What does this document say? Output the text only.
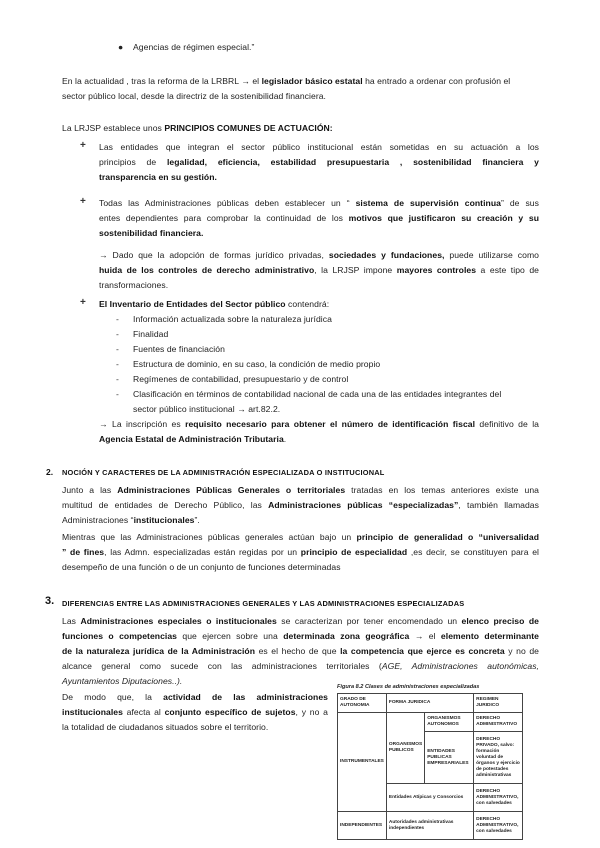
● Agencias de régimen especial.”
En la actualidad , tras la reforma de la LRBRL → el legislador básico estatal ha entrado a ordenar con profusión el
sector público local, desde la directriz de la sostenibilidad financiera.
La LRJSP establece unos PRINCIPIOS COMUNES DE ACTUACIÓN:
+ Las entidades que integran el sector público institucional están sometidas en su actuación a los
principios de legalidad, eficiencia, estabilidad presupuestaria , sostenibilidad financiera y
transparencia en su gestión.
+ Todas las Administraciones públicas deben establecer un “ sistema de supervisión continua” de sus
entes dependientes para comprobar la continuidad de los motivos que justificaron su creación y su
sostenibilidad financiera.
→ Dado que la adopción de formas jurídico privadas, sociedades y fundaciones, puede utilizarse como
huida de los controles de derecho administrativo, la LRJSP impone mayores controles a este tipo de
transformaciones.
+ El Inventario de Entidades del Sector público contendrá:
- Información actualizada sobre la naturaleza jurídica
- Finalidad
- Fuentes de financiación
- Estructura de dominio, en su caso, la condición de medio propio
- Regímenes de contabilidad, presupuestario y de control
- Clasificación en términos de contabilidad nacional de cada una de las entidades integrantes del
sector público institucional → art.82.2.
→ La inscripción es requisito necesario para obtener el número de identificación fiscal definitivo de la
Agencia Estatal de Administración Tributaria.
2. NOCIÓN Y CARACTERES DE LA ADMINISTRACIÓN ESPECIALIZADA O INSTITUCIONAL
Junto a las Administraciones Públicas Generales o territoriales tratadas en los temas anteriores existe una
multitud de entidades de Derecho Público, las Administraciones públicas “especializadas”, también llamadas
Administraciones “institucionales”.
Mientras que las Administraciones públicas generales actúan bajo un principio de generalidad o “universalidad
” de fines, las Admn. especializadas están regidas por un principio de especialidad ,es decir, se constituyen para el
desempeño de una función o de un conjunto de funciones determinadas
3. DIFERENCIAS ENTRE LAS ADMINISTRACIONES GENERALES Y LAS ADMINISTRACIONES ESPECIALIZADAS
Las Administraciones especiales o institucionales se caracterizan por tener encomendado un elenco preciso de
funciones o competencias que ejercen sobre una determinada zona geográfica → el elemento determinante
de la naturaleza jurídica de la Administración es el hecho de que la competencia que ejerce es concreta y no de
alcance general como sucede con las administraciones territoriales (AGE, Administraciones autonómicas,
Ayuntamientos Diputaciones..).
De modo que, la actividad de las administraciones
institucionales afecta al conjunto específico de sujetos, y no a
la totalidad de ciudadanos situados sobre el territorio.
Figura 8.2 Clases de administraciones especializadas
GRADO DE AUTONOMIA	FORMA JURIDICA		REGIMEN JURIDICO
INSTRUMENTALES	ORGANISMOS PUBLICOS	ORGANISMOS AUTONOMOS	DERECHO ADMINISTRATIVO
		ENTIDADES PUBLICAS EMPRESARIALES	DERECHO PRIVADO, salvo: formación voluntad de órganos y ejercicio de potestades administrativas
	Entidades Atípicas y Consorcios		DERECHO ADMINISTRATIVO, con salvedades
INDEPENDIENTES	Autoridades administrativas independientes		DERECHO ADMINISTRATIVO, con salvedades
